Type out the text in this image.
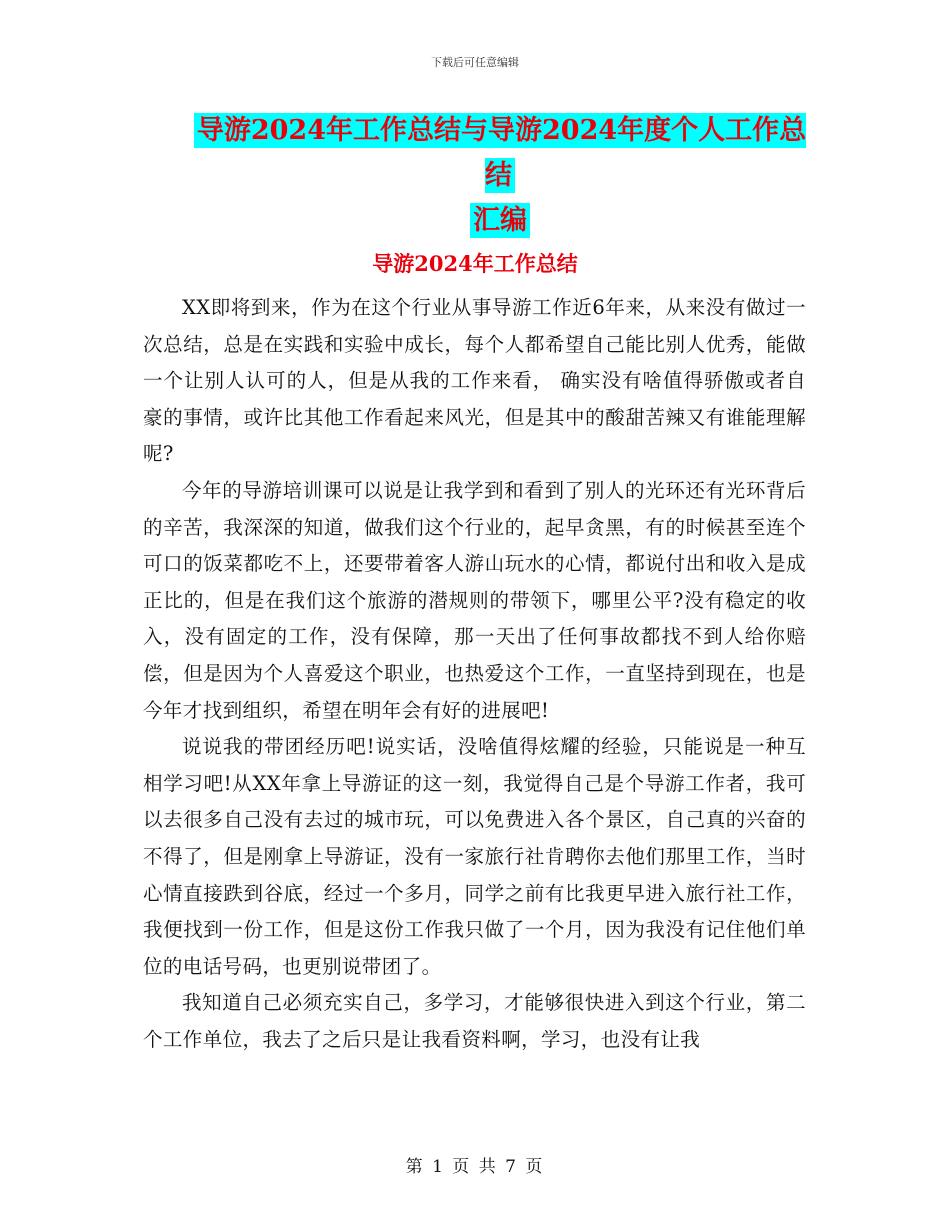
下载后可任意编辑
导游2024年工作总结与导游2024年度个人工作总结
汇编
导游2024年工作总结

XX即将到来，作为在这个行业从事导游工作近6年来，从来没有做过一次总结，总是在实践和实验中成长，每个人都希望自己能比别人优秀，能做一个让别人认可的人，但是从我的工作来看， 确实没有啥值得骄傲或者自豪的事情，或许比其他工作看起来风光，但是其中的酸甜苦辣又有谁能理解呢?

今年的导游培训课可以说是让我学到和看到了别人的光环还有光环背后的辛苦，我深深的知道，做我们这个行业的，起早贪黑，有的时候甚至连个可口的饭菜都吃不上，还要带着客人游山玩水的心情，都说付出和收入是成正比的，但是在我们这个旅游的潜规则的带领下，哪里公平?没有稳定的收入，没有固定的工作，没有保障，那一天出了任何事故都找不到人给你赔偿，但是因为个人喜爱这个职业，也热爱这个工作，一直坚持到现在，也是今年才找到组织，希望在明年会有好的进展吧!

说说我的带团经历吧!说实话，没啥值得炫耀的经验，只能说是一种互相学习吧!从XX年拿上导游证的这一刻，我觉得自己是个导游工作者，我可以去很多自己没有去过的城市玩，可以免费进入各个景区，自己真的兴奋的不得了，但是刚拿上导游证，没有一家旅行社肯聘你去他们那里工作，当时心情直接跌到谷底，经过一个多月，同学之前有比我更早进入旅行社工作，我便找到一份工作，但是这份工作我只做了一个月，因为我没有记住他们单位的电话号码，也更别说带团了。

我知道自己必须充实自己，多学习，才能够很快进入到这个行业，第二个工作单位，我去了之后只是让我看资料啊，学习，也没有让我

第 1 页 共 7 页
